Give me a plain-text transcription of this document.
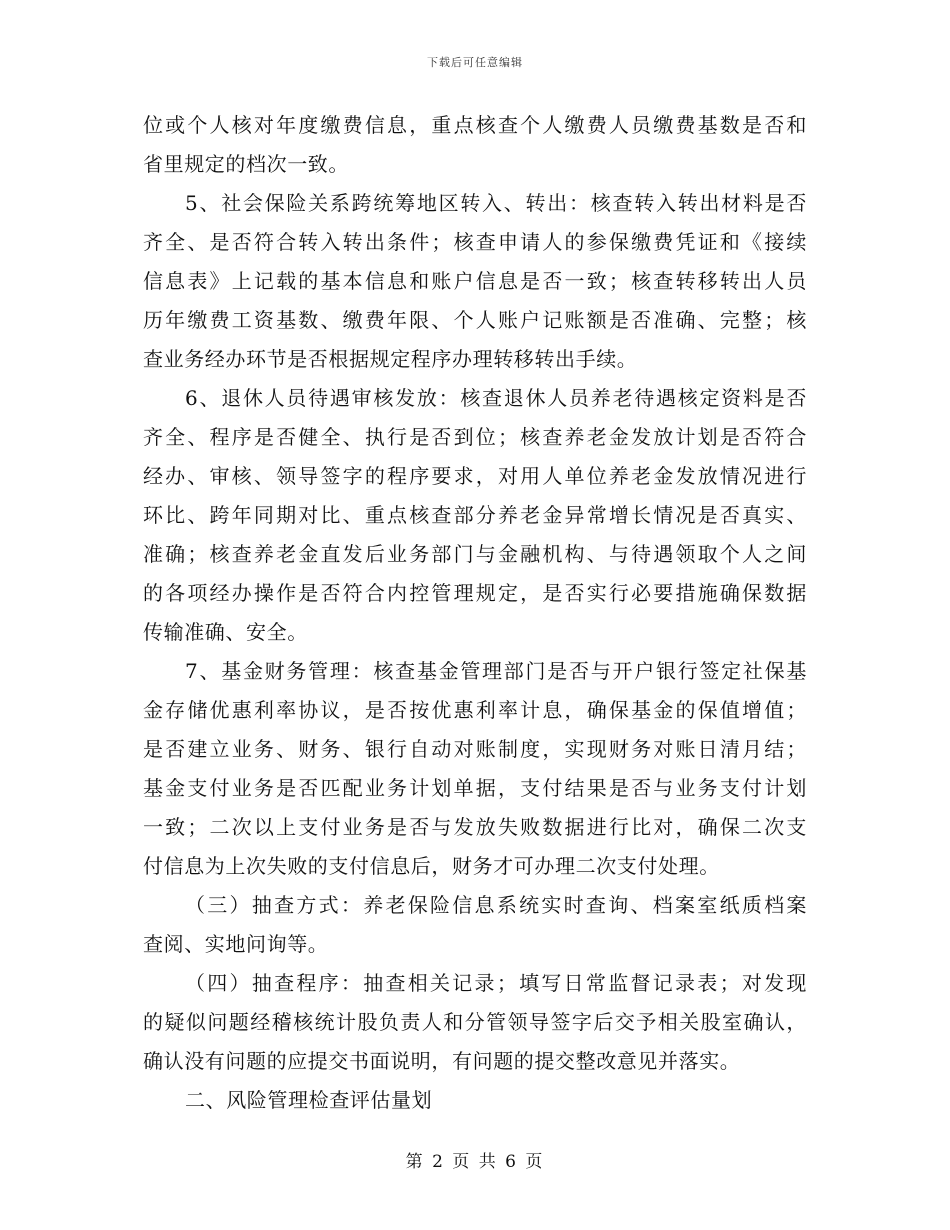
下载后可任意编辑
位或个人核对年度缴费信息，重点核查个人缴费人员缴费基数是否和
省里规定的档次一致。
5、社会保险关系跨统筹地区转入、转出：核查转入转出材料是否
齐全、是否符合转入转出条件；核查申请人的参保缴费凭证和《接续
信息表》上记载的基本信息和账户信息是否一致；核查转移转出人员
历年缴费工资基数、缴费年限、个人账户记账额是否准确、完整；核
查业务经办环节是否根据规定程序办理转移转出手续。
6、退休人员待遇审核发放：核查退休人员养老待遇核定资料是否
齐全、程序是否健全、执行是否到位；核查养老金发放计划是否符合
经办、审核、领导签字的程序要求，对用人单位养老金发放情况进行
环比、跨年同期对比、重点核查部分养老金异常增长情况是否真实、
准确；核查养老金直发后业务部门与金融机构、与待遇领取个人之间
的各项经办操作是否符合内控管理规定，是否实行必要措施确保数据
传输准确、安全。
7、基金财务管理：核查基金管理部门是否与开户银行签定社保基
金存储优惠利率协议，是否按优惠利率计息，确保基金的保值增值；
是否建立业务、财务、银行自动对账制度，实现财务对账日清月结；
基金支付业务是否匹配业务计划单据，支付结果是否与业务支付计划
一致；二次以上支付业务是否与发放失败数据进行比对，确保二次支
付信息为上次失败的支付信息后，财务才可办理二次支付处理。
（三）抽查方式：养老保险信息系统实时查询、档案室纸质档案
查阅、实地问询等。
（四）抽查程序：抽查相关记录；填写日常监督记录表；对发现
的疑似问题经稽核统计股负责人和分管领导签字后交予相关股室确认，
确认没有问题的应提交书面说明，有问题的提交整改意见并落实。
二、风险管理检查评估量划
第 2 页 共 6 页
